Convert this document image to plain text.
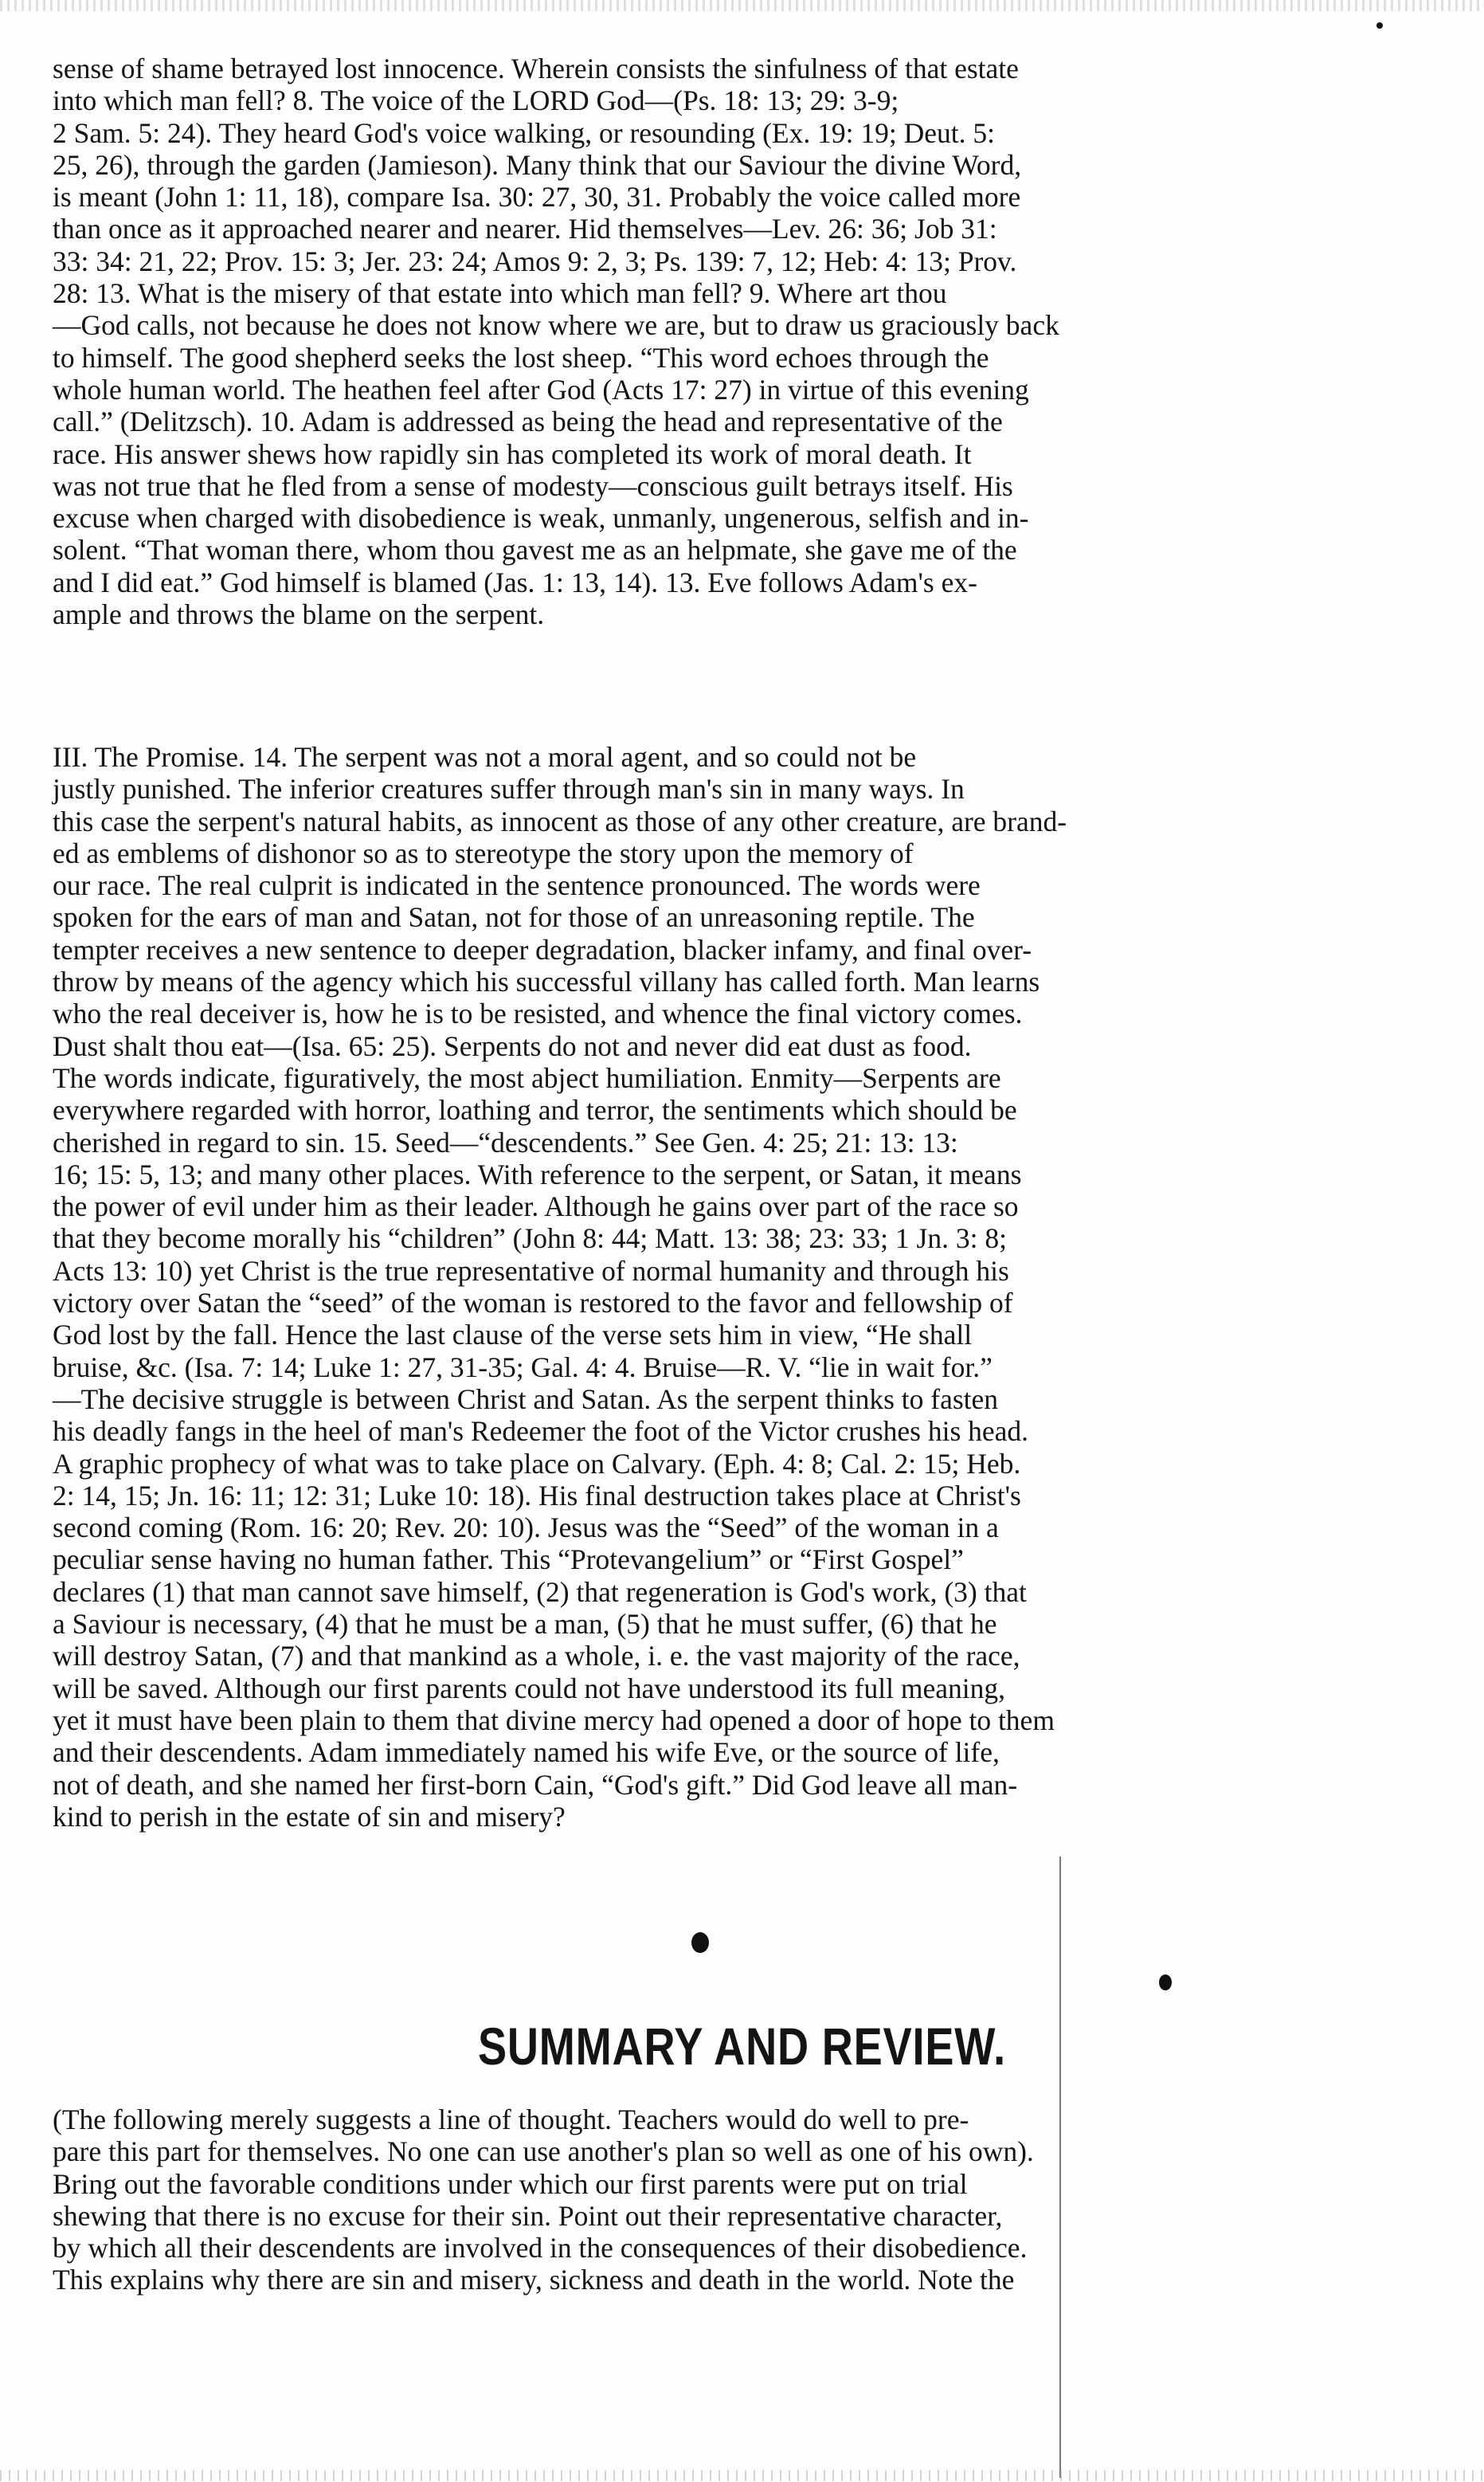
sense of shame betrayed lost innocence. Wherein consists the sinfulness of that estate
into which man fell? 8. The voice of the LORD God—(Ps. 18: 13; 29: 3-9;
2 Sam. 5: 24). They heard God's voice walking, or resounding (Ex. 19: 19; Deut. 5:
25, 26), through the garden (Jamieson). Many think that our Saviour the divine Word,
is meant (John 1: 11, 18), compare Isa. 30: 27, 30, 31. Probably the voice called more
than once as it approached nearer and nearer. Hid themselves—Lev. 26: 36; Job 31:
33: 34: 21, 22; Prov. 15: 3; Jer. 23: 24; Amos 9: 2, 3; Ps. 139: 7, 12; Heb: 4: 13; Prov.
28: 13. What is the misery of that estate into which man fell? 9. Where art thou
—God calls, not because he does not know where we are, but to draw us graciously back
to himself. The good shepherd seeks the lost sheep. “This word echoes through the
whole human world. The heathen feel after God (Acts 17: 27) in virtue of this evening
call.” (Delitzsch). 10. Adam is addressed as being the head and representative of the
race. His answer shews how rapidly sin has completed its work of moral death. It
was not true that he fled from a sense of modesty—conscious guilt betrays itself. His
excuse when charged with disobedience is weak, unmanly, ungenerous, selfish and in-
solent. “That woman there, whom thou gavest me as an helpmate, she gave me of the
and I did eat.” God himself is blamed (Jas. 1: 13, 14). 13. Eve follows Adam's ex-
ample and throws the blame on the serpent.
III. The Promise. 14. The serpent was not a moral agent, and so could not be
justly punished. The inferior creatures suffer through man's sin in many ways. In
this case the serpent's natural habits, as innocent as those of any other creature, are brand-
ed as emblems of dishonor so as to stereotype the story upon the memory of
our race. The real culprit is indicated in the sentence pronounced. The words were
spoken for the ears of man and Satan, not for those of an unreasoning reptile. The
tempter receives a new sentence to deeper degradation, blacker infamy, and final over-
throw by means of the agency which his successful villany has called forth. Man learns
who the real deceiver is, how he is to be resisted, and whence the final victory comes.
Dust shalt thou eat—(Isa. 65: 25). Serpents do not and never did eat dust as food.
The words indicate, figuratively, the most abject humiliation. Enmity—Serpents are
everywhere regarded with horror, loathing and terror, the sentiments which should be
cherished in regard to sin. 15. Seed—“descendents.” See Gen. 4: 25; 21: 13: 13:
16; 15: 5, 13; and many other places. With reference to the serpent, or Satan, it means
the power of evil under him as their leader. Although he gains over part of the race so
that they become morally his “children” (John 8: 44; Matt. 13: 38; 23: 33; 1 Jn. 3: 8;
Acts 13: 10) yet Christ is the true representative of normal humanity and through his
victory over Satan the “seed” of the woman is restored to the favor and fellowship of
God lost by the fall. Hence the last clause of the verse sets him in view, “He shall
bruise, &c. (Isa. 7: 14; Luke 1: 27, 31-35; Gal. 4: 4. Bruise—R. V. “lie in wait for.”
—The decisive struggle is between Christ and Satan. As the serpent thinks to fasten
his deadly fangs in the heel of man's Redeemer the foot of the Victor crushes his head.
A graphic prophecy of what was to take place on Calvary. (Eph. 4: 8; Cal. 2: 15; Heb.
2: 14, 15; Jn. 16: 11; 12: 31; Luke 10: 18). His final destruction takes place at Christ's
second coming (Rom. 16: 20; Rev. 20: 10). Jesus was the “Seed” of the woman in a
peculiar sense having no human father. This “Protevangelium” or “First Gospel”
declares (1) that man cannot save himself, (2) that regeneration is God's work, (3) that
a Saviour is necessary, (4) that he must be a man, (5) that he must suffer, (6) that he
will destroy Satan, (7) and that mankind as a whole, i. e. the vast majority of the race,
will be saved. Although our first parents could not have understood its full meaning,
yet it must have been plain to them that divine mercy had opened a door of hope to them
and their descendents. Adam immediately named his wife Eve, or the source of life,
not of death, and she named her first-born Cain, “God's gift.” Did God leave all man-
kind to perish in the estate of sin and misery?
SUMMARY AND REVIEW.
(The following merely suggests a line of thought. Teachers would do well to pre-
pare this part for themselves. No one can use another's plan so well as one of his own).
Bring out the favorable conditions under which our first parents were put on trial
shewing that there is no excuse for their sin. Point out their representative character,
by which all their descendents are involved in the consequences of their disobedience.
This explains why there are sin and misery, sickness and death in the world. Note the
